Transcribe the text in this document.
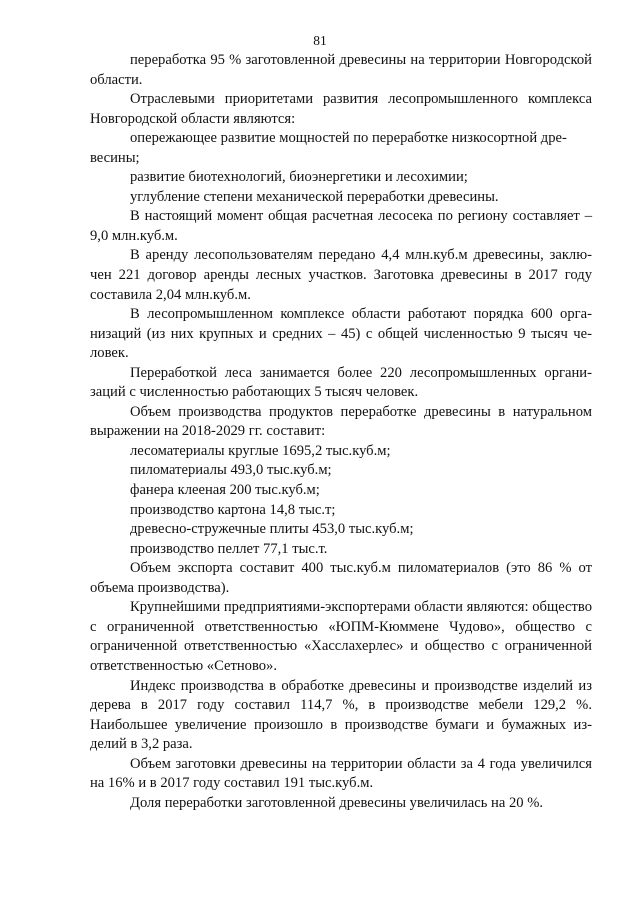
81

переработка 95 % заготовленной древесины на территории Новгородской области.

Отраслевыми приоритетами развития лесопромышленного комплекса Новгородской области являются:

опережающее развитие мощностей по переработке низкосортной древесины;

развитие биотехнологий, биоэнергетики и лесохимии;

углубление степени механической переработки древесины.

В настоящий момент общая расчетная лесосека по региону составляет – 9,0 млн.куб.м.

В аренду лесопользователям передано 4,4 млн.куб.м древесины, заключен 221 договор аренды лесных участков. Заготовка древесины в 2017 году составила 2,04 млн.куб.м.

В лесопромышленном комплексе области работают порядка 600 организаций (из них крупных и средних – 45) с общей численностью 9 тысяч человек.

Переработкой леса занимается более 220 лесопромышленных организаций с численностью работающих 5 тысяч человек.

Объем производства продуктов переработке древесины в натуральном выражении на 2018-2029 гг. составит:

лесоматериалы круглые 1695,2 тыс.куб.м;

пиломатериалы 493,0 тыс.куб.м;

фанера клееная 200 тыс.куб.м;

производство картона 14,8 тыс.т;

древесно-стружечные плиты 453,0 тыс.куб.м;

производство пеллет 77,1 тыс.т.

Объем экспорта составит 400 тыс.куб.м пиломатериалов (это 86 % от объема производства).

Крупнейшими предприятиями-экспортерами области являются: общество с ограниченной ответственностью «ЮПМ-Кюммене Чудово», общество с ограниченной ответственностью «Хасслахерлес» и общество с ограниченной ответственностью «Сетново».

Индекс производства в обработке древесины и производстве изделий из дерева в 2017 году составил 114,7 %, в производстве мебели 129,2 %. Наибольшее увеличение произошло в производстве бумаги и бумажных изделий в 3,2 раза.

Объем заготовки древесины на территории области за 4 года увеличился на 16% и в 2017 году составил 191 тыс.куб.м.

Доля переработки заготовленной древесины увеличилась на 20 %.
